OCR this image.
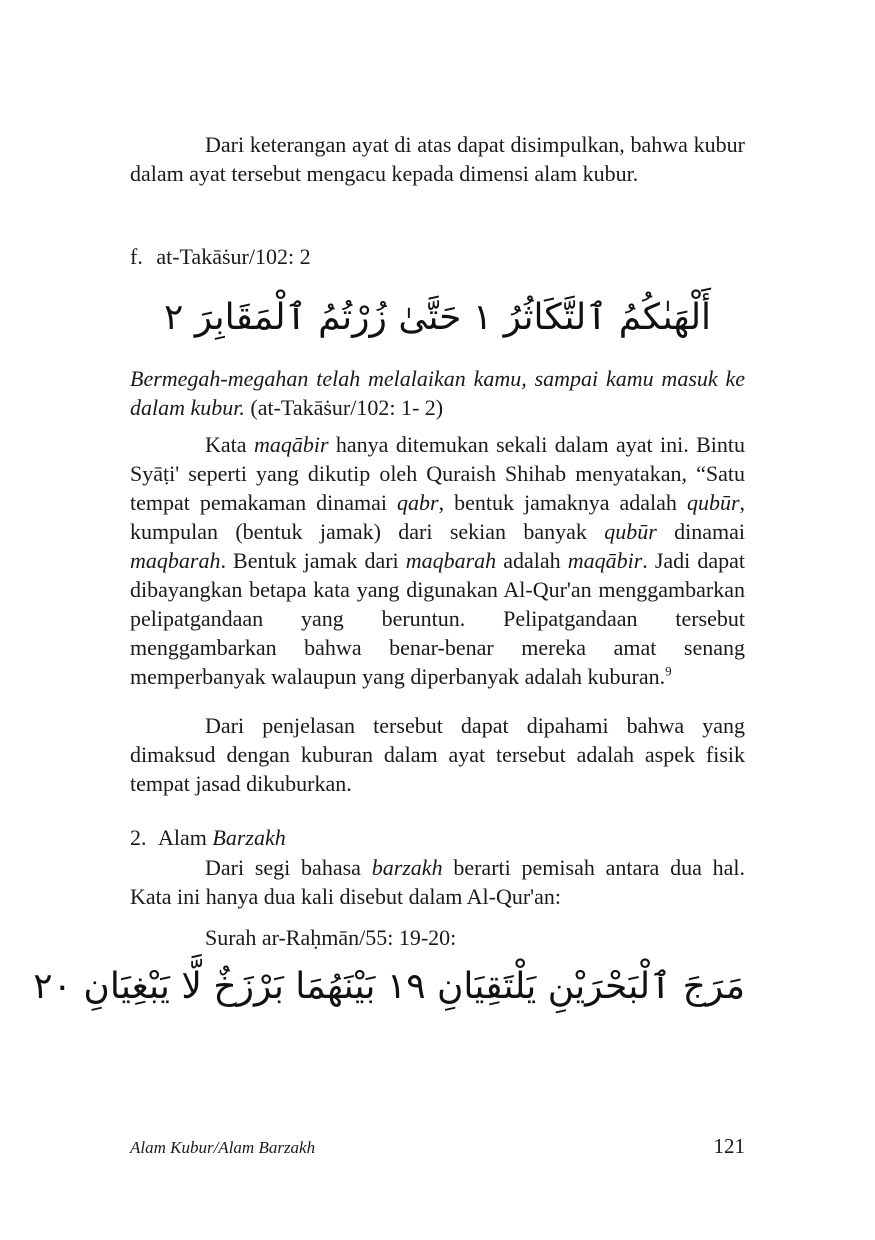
Dari keterangan ayat di atas dapat disimpulkan, bahwa kubur dalam ayat tersebut mengacu kepada dimensi alam kubur.

f. at-Takāṡur/102: 2
أَلْهَىٰكُمُ ٱلتَّكَاثُرُ ١ حَتَّىٰ زُرْتُمُ ٱلْمَقَابِرَ ٢

Bermegah-megahan telah melalaikan kamu, sampai kamu masuk ke dalam kubur. (at-Takāṡur/102: 1- 2)

Kata maqābir hanya ditemukan sekali dalam ayat ini. Bintu Syāṭi' seperti yang dikutip oleh Quraish Shihab menyatakan, “Satu tempat pemakaman dinamai qabr, bentuk jamaknya adalah qubūr, kumpulan (bentuk jamak) dari sekian banyak qubūr dinamai maqbarah. Bentuk jamak dari maqbarah adalah maqābir. Jadi dapat dibayangkan betapa kata yang digunakan Al-Qur'an menggambarkan pelipatgandaan yang beruntun. Pelipatgandaan tersebut menggambarkan bahwa benar-benar mereka amat senang memperbanyak walaupun yang diperbanyak adalah kuburan.$^9$

Dari penjelasan tersebut dapat dipahami bahwa yang dimaksud dengan kuburan dalam ayat tersebut adalah aspek fisik tempat jasad dikuburkan.

2. Alam Barzakh

Dari segi bahasa barzakh berarti pemisah antara dua hal. Kata ini hanya dua kali disebut dalam Al-Qur'an:

Surah ar-Raḥmān/55: 19-20:
مَرَجَ ٱلْبَحْرَيْنِ يَلْتَقِيَانِ ١٩ بَيْنَهُمَا بَرْزَخٌ لَّا يَبْغِيَانِ ٢٠
Alam Kubur/Alam Barzakh	121
